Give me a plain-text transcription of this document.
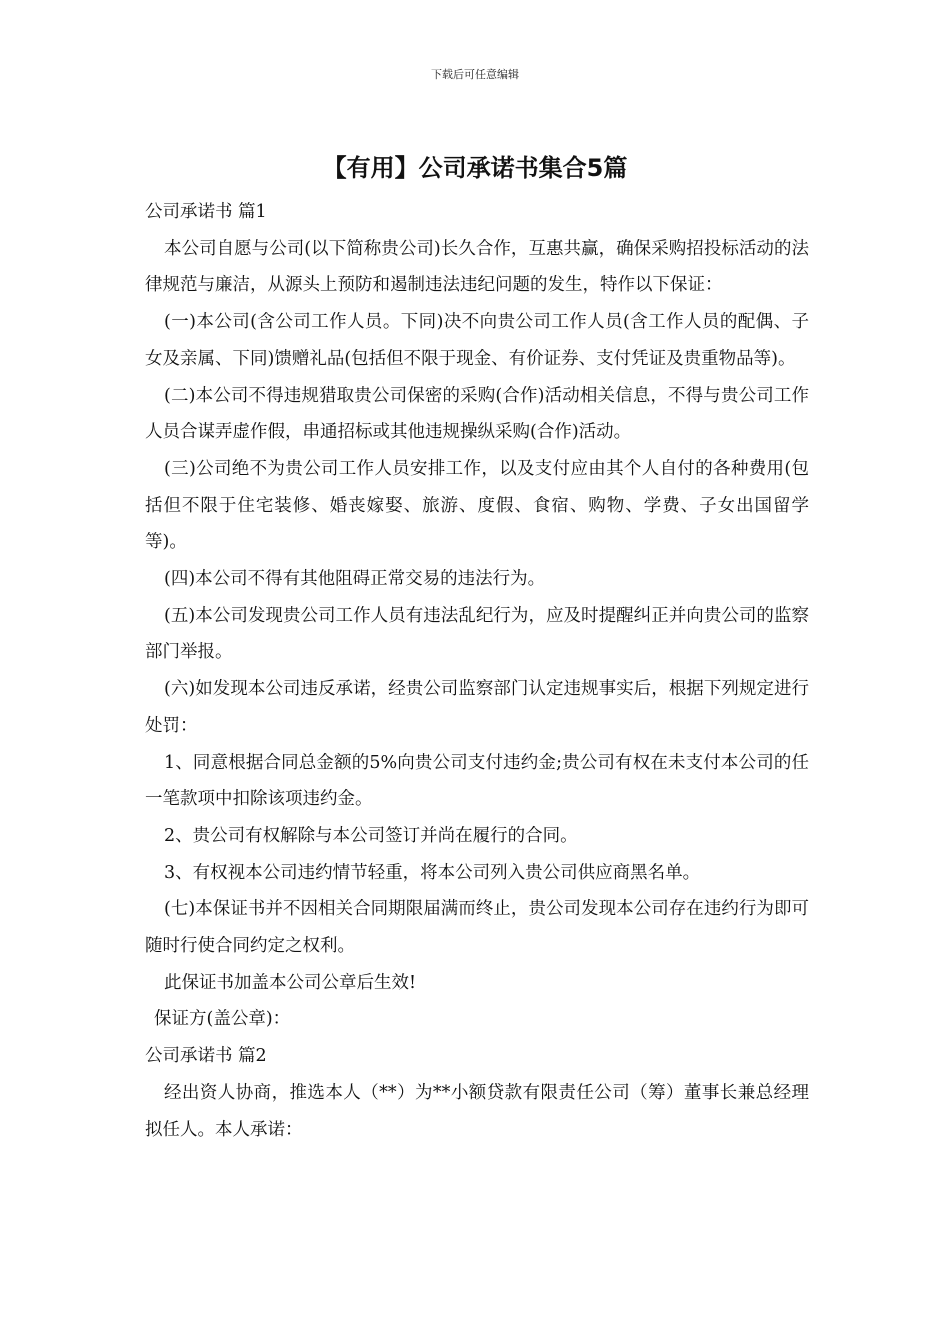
下载后可任意编辑
【有用】公司承诺书集合5篇

公司承诺书 篇1

本公司自愿与公司(以下简称贵公司)长久合作，互惠共赢，确保采购招投标活动的法律规范与廉洁，从源头上预防和遏制违法违纪问题的发生，特作以下保证：

(一)本公司(含公司工作人员。下同)决不向贵公司工作人员(含工作人员的配偶、子女及亲属、下同)馈赠礼品(包括但不限于现金、有价证券、支付凭证及贵重物品等)。

(二)本公司不得违规猎取贵公司保密的采购(合作)活动相关信息，不得与贵公司工作人员合谋弄虚作假，串通招标或其他违规操纵采购(合作)活动。

(三)公司绝不为贵公司工作人员安排工作，以及支付应由其个人自付的各种费用(包括但不限于住宅装修、婚丧嫁娶、旅游、度假、食宿、购物、学费、子女出国留学等)。

(四)本公司不得有其他阻碍正常交易的违法行为。

(五)本公司发现贵公司工作人员有违法乱纪行为，应及时提醒纠正并向贵公司的监察部门举报。

(六)如发现本公司违反承诺，经贵公司监察部门认定违规事实后，根据下列规定进行处罚：

1、同意根据合同总金额的5%向贵公司支付违约金;贵公司有权在未支付本公司的任一笔款项中扣除该项违约金。

2、贵公司有权解除与本公司签订并尚在履行的合同。

3、有权视本公司违约情节轻重，将本公司列入贵公司供应商黑名单。

(七)本保证书并不因相关合同期限届满而终止，贵公司发现本公司存在违约行为即可随时行使合同约定之权利。

此保证书加盖本公司公章后生效!

保证方(盖公章)：

公司承诺书 篇2

经出资人协商，推选本人（**）为**小额贷款有限责任公司（筹）董事长兼总经理拟任人。本人承诺：
